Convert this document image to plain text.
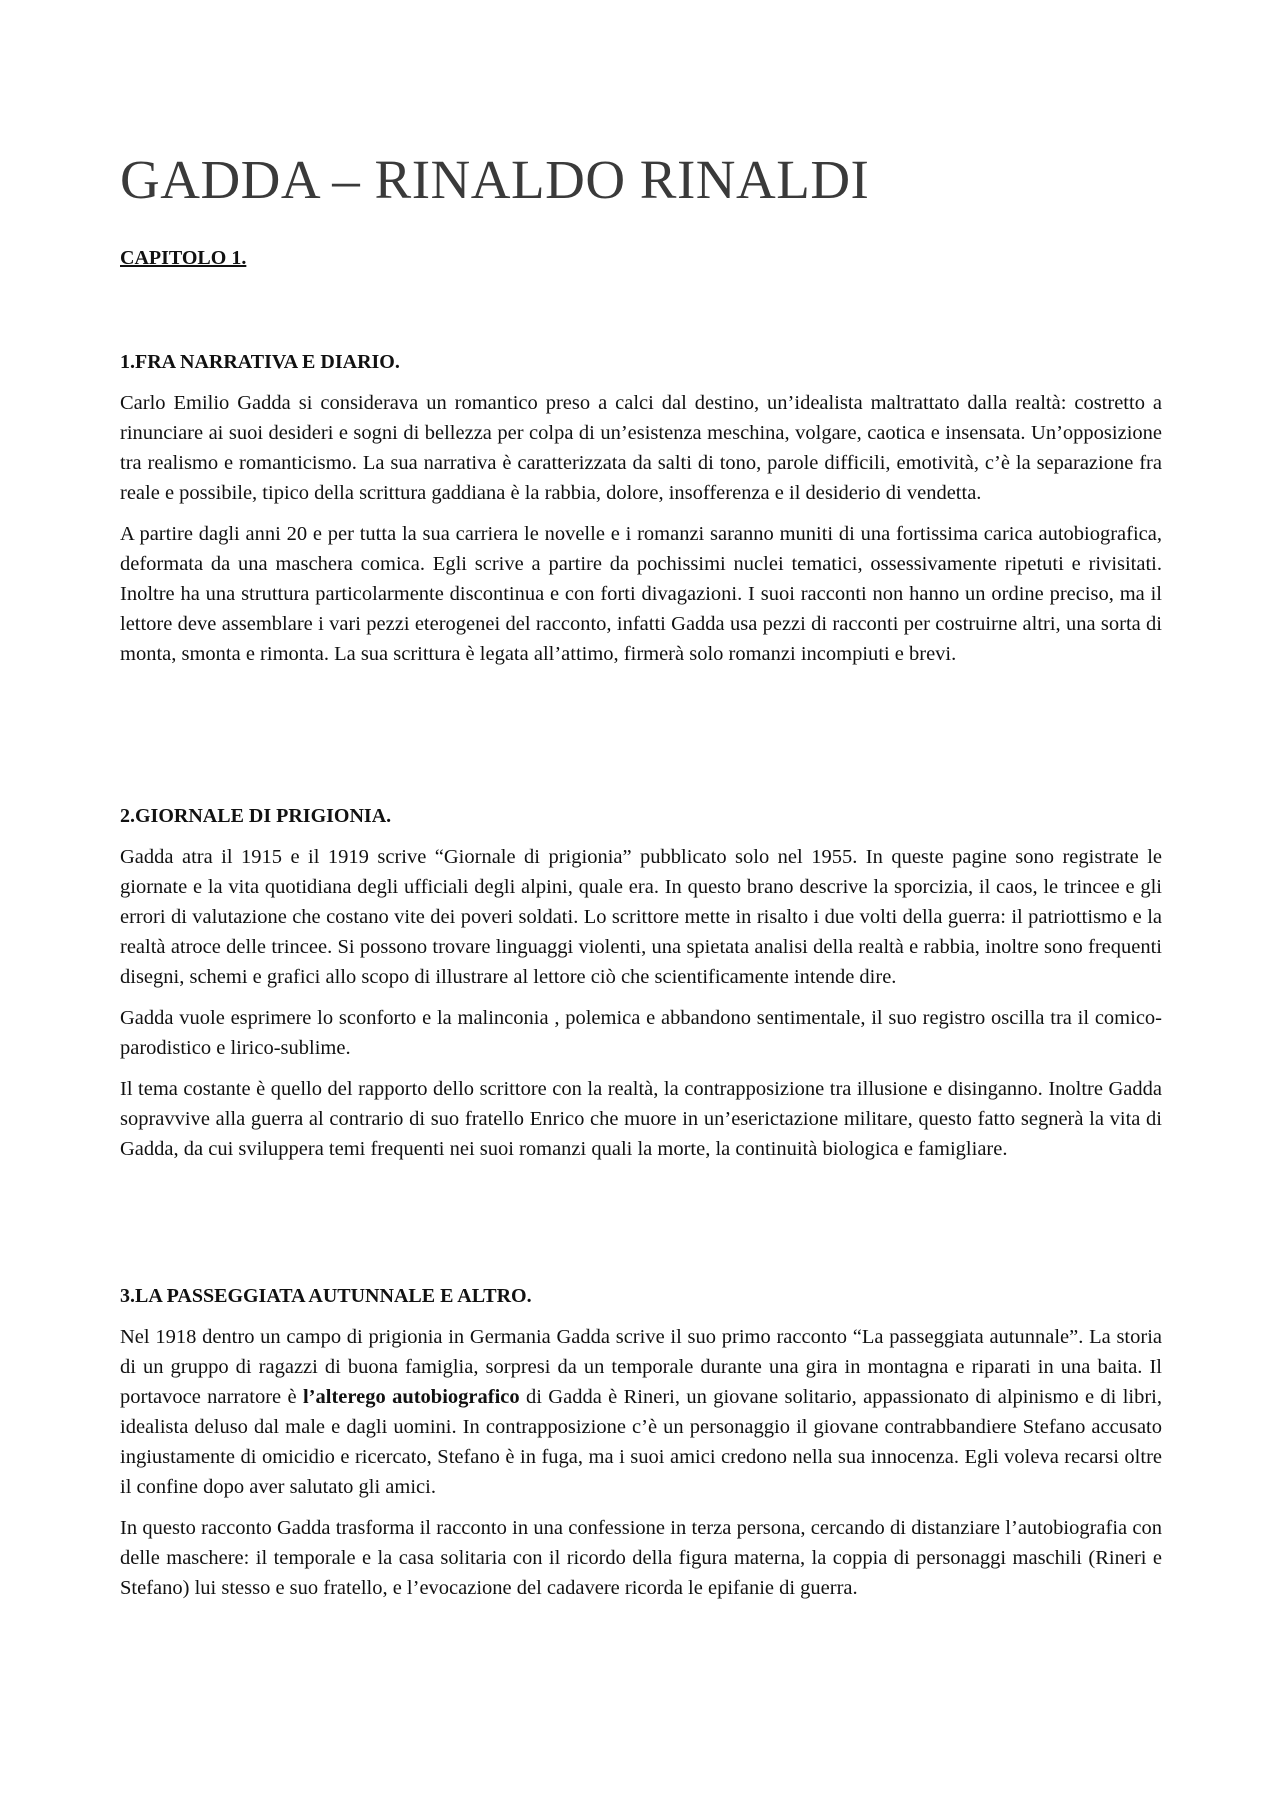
GADDA – RINALDO RINALDI
CAPITOLO 1.
1.FRA NARRATIVA E DIARIO.

Carlo Emilio Gadda si considerava un romantico preso a calci dal destino, un’idealista maltrattato dalla realtà: costretto a rinunciare ai suoi desideri e sogni di bellezza per colpa di un’esistenza meschina, volgare, caotica e insensata. Un’opposizione tra realismo e romanticismo. La sua narrativa è caratterizzata da salti di tono, parole difficili, emotività, c’è la separazione fra reale e possibile, tipico della scrittura gaddiana è la rabbia, dolore, insofferenza e il desiderio di vendetta.

A partire dagli anni 20 e per tutta la sua carriera le novelle e i romanzi saranno muniti di una fortissima carica autobiografica, deformata da una maschera comica. Egli scrive a partire da pochissimi nuclei tematici, ossessivamente ripetuti e rivisitati. Inoltre ha una struttura particolarmente discontinua e con forti divagazioni. I suoi racconti non hanno un ordine preciso, ma il lettore deve assemblare i vari pezzi eterogenei del racconto, infatti Gadda usa pezzi di racconti per costruirne altri, una sorta di monta, smonta e rimonta. La sua scrittura è legata all’attimo, firmerà solo romanzi incompiuti e brevi.

2.GIORNALE DI PRIGIONIA.

Gadda atra il 1915 e il 1919 scrive “Giornale di prigionia” pubblicato solo nel 1955. In queste pagine sono registrate le giornate e la vita quotidiana degli ufficiali degli alpini, quale era. In questo brano descrive la sporcizia, il caos, le trincee e gli errori di valutazione che costano vite dei poveri soldati. Lo scrittore mette in risalto i due volti della guerra: il patriottismo e la realtà atroce delle trincee. Si possono trovare linguaggi violenti, una spietata analisi della realtà e rabbia, inoltre sono frequenti disegni, schemi e grafici allo scopo di illustrare al lettore ciò che scientificamente intende dire.

Gadda vuole esprimere lo sconforto e la malinconia , polemica e abbandono sentimentale, il suo registro oscilla tra il comico-parodistico e lirico-sublime.

Il tema costante è quello del rapporto dello scrittore con la realtà, la contrapposizione tra illusione e disinganno. Inoltre Gadda sopravvive alla guerra al contrario di suo fratello Enrico che muore in un’eserictazione militare, questo fatto segnerà la vita di Gadda, da cui sviluppera temi frequenti nei suoi romanzi quali la morte, la continuità biologica e famigliare.

3.LA PASSEGGIATA AUTUNNALE E ALTRO.

Nel 1918 dentro un campo di prigionia in Germania Gadda scrive il suo primo racconto “La passeggiata autunnale”. La storia di un gruppo di ragazzi di buona famiglia, sorpresi da un temporale durante una gira in montagna e riparati in una baita. Il portavoce narratore è l’alterego autobiografico di Gadda è Rineri, un giovane solitario, appassionato di alpinismo e di libri, idealista deluso dal male e dagli uomini. In contrapposizione c’è un personaggio il giovane contrabbandiere Stefano accusato ingiustamente di omicidio e ricercato, Stefano è in fuga, ma i suoi amici credono nella sua innocenza. Egli voleva recarsi oltre il confine dopo aver salutato gli amici.

In questo racconto Gadda trasforma il racconto in una confessione in terza persona, cercando di distanziare l’autobiografia con delle maschere: il temporale e la casa solitaria con il ricordo della figura materna, la coppia di personaggi maschili (Rineri e Stefano) lui stesso e suo fratello, e l’evocazione del cadavere ricorda le epifanie di guerra.
